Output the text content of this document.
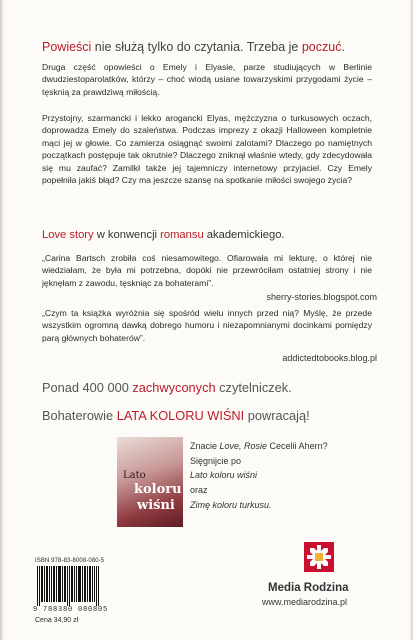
Powieści nie służą tylko do czytania. Trzeba je poczuć.

Druga część opowieści o Emely i Elyasie, parze studiujących w Berlinie dwudziestoparolatków, którzy – choć wiodą usiane towarzyskimi przygodami życie – tęsknią za prawdziwą miłością.

Przystojny, szarmancki i lekko arogancki Elyas, mężczyzna o turkusowych oczach, doprowadza Emely do szaleństwa. Podczas imprezy z okazji Halloween kompletnie mąci jej w głowie. Co zamierza osiągnąć swoimi zalotami? Dlaczego po namiętnych początkach postępuje tak okrutnie? Dlaczego zniknął właśnie wtedy, gdy zdecydowała się mu zaufać? Zamilkł także jej tajemniczy internetowy przyjaciel. Czy Emely popełniła jakiś błąd? Czy ma jeszcze szansę na spotkanie miłości swojego życia?

Love story w konwencji romansu akademickiego.

„Carina Bartsch zrobiła coś niesamowitego. Ofiarowała mi lekturę, o której nie wiedziałam, że była mi potrzebna, dopóki nie przewróciłam ostatniej strony i nie jęknęłam z zawodu, tęskniąc za bohaterami”.

sherry-stories.blogspot.com

„Czym ta książka wyróżnia się spośród wielu innych przed nią? Myślę, że przede wszystkim ogromną dawką dobrego humoru i niezapomnianymi docinkami pomiędzy parą głównych bohaterów”.

addictedtobooks.blog.pl

Ponad 400 000 zachwyconych czytelniczek.

Bohaterowie LATA KOLORU WIŚNI powracają!

Lato
koloru
wiśni

Znacie Love, Rosie Cecelii Ahern?

Sięgnijcie po

Lato koloru wiśni

oraz

Zimę koloru turkusu.

ISBN 978-83-8008-080-5

9 788380 080805

Cena 34,90 zł

Media Rodzina

www.mediarodzina.pl
